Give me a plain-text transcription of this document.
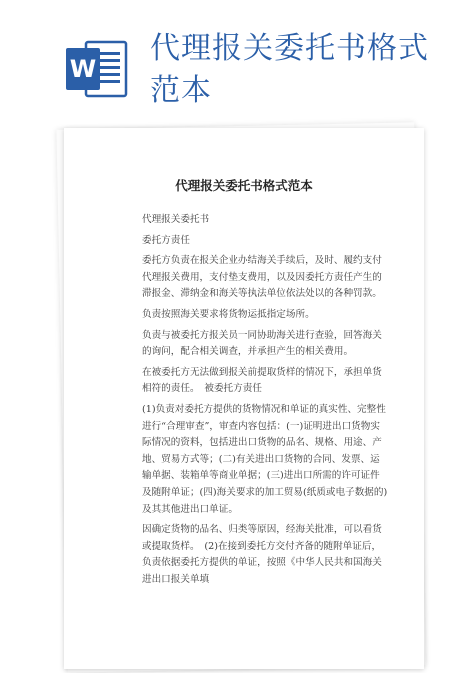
W
代理报关委托书格式范本
代理报关委托书格式范本

代理报关委托书

委托方责任

委托方负责在报关企业办结海关手续后，及时、履约支付代理报关费用，支付垫支费用，以及因委托方责任产生的滞报金、滞纳金和海关等执法单位依法处以的各种罚款。

负责按照海关要求将货物运抵指定场所。

负责与被委托方报关员一同协助海关进行查验，回答海关的询问，配合相关调查，并承担产生的相关费用。

在被委托方无法做到报关前提取货样的情况下，承担单货相符的责任。　被委托方责任

(1)负责对委托方提供的货物情况和单证的真实性、完整性进行“合理审查”，审查内容包括：(一)证明进出口货物实际情况的资料，包括进出口货物的品名、规格、用途、产地、贸易方式等；(二)有关进出口货物的合同、发票、运输单据、装箱单等商业单据；(三)进出口所需的许可证件及随附单证；(四)海关要求的加工贸易(纸质或电子数据的)及其其他进出口单证。

因确定货物的品名、归类等原因，经海关批准，可以看货或提取货样。　(2)在接到委托方交付齐备的随附单证后，负责依据委托方提供的单证，按照《中华人民共和国海关进出口报关单填
